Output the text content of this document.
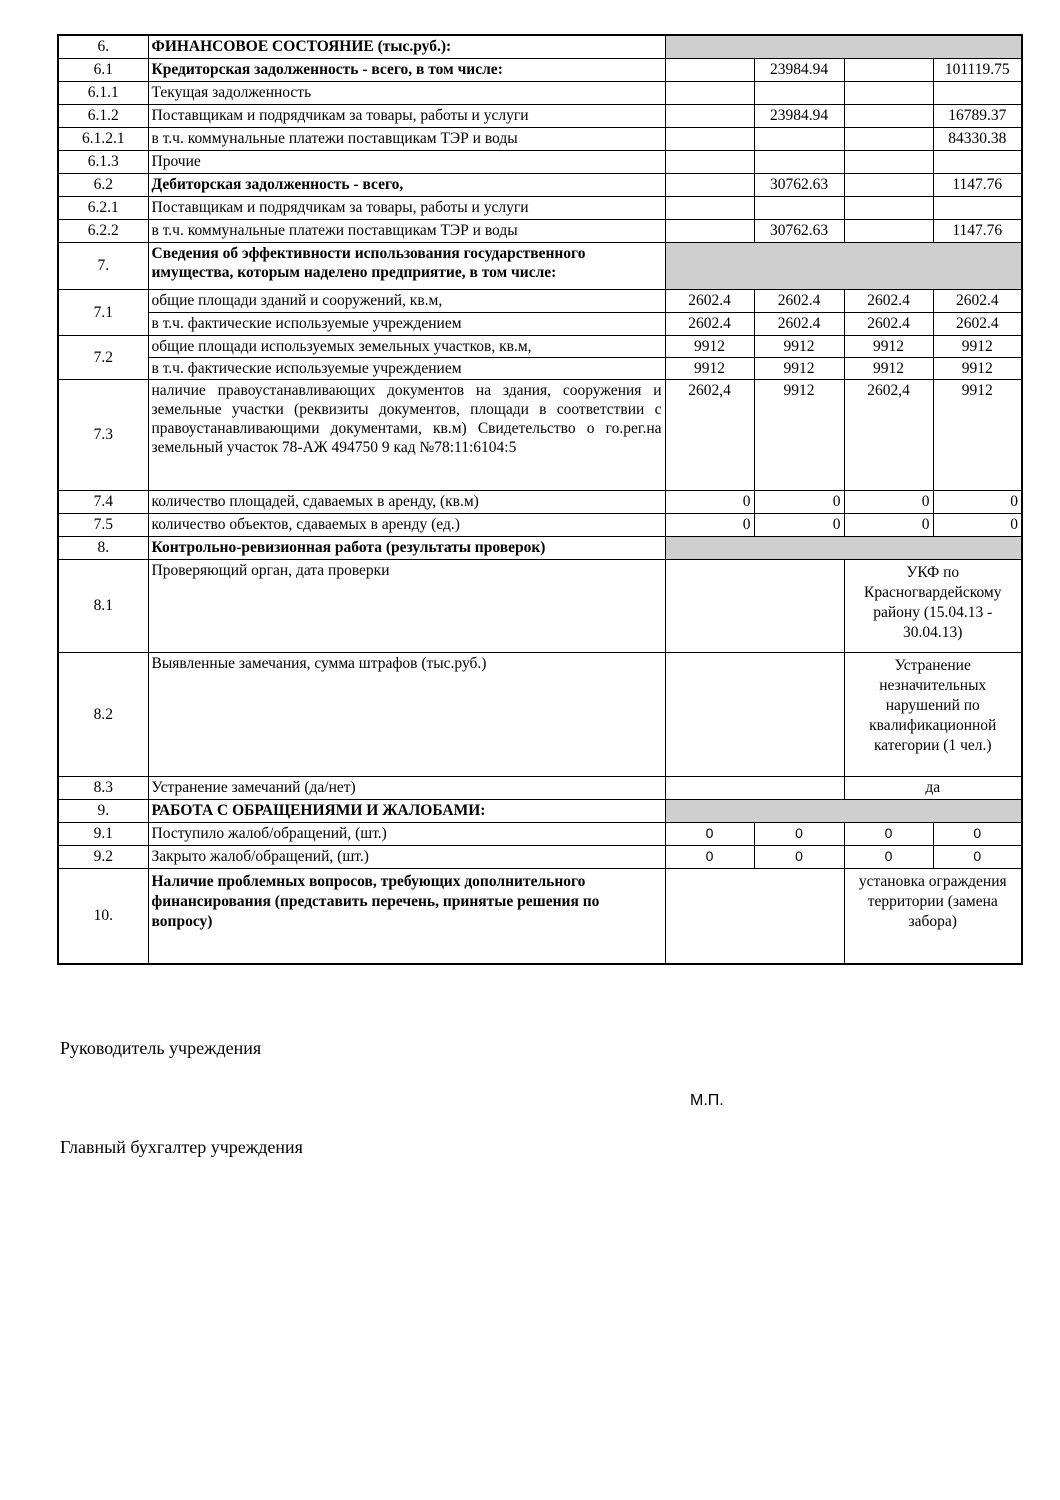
6.	ФИНАНСОВОЕ СОСТОЯНИЕ (тыс.руб.):				
6.1	Кредиторская задолженность - всего, в том числе:		23984.94		101119.75
6.1.1	Текущая задолженность				
6.1.2	Поставщикам и подрядчикам за товары, работы и услуги		23984.94		16789.37
6.1.2.1	в т.ч. коммунальные платежи поставщикам ТЭР и воды				84330.38
6.1.3	Прочие				
6.2	Дебиторская задолженность - всего,		30762.63		1147.76
6.2.1	Поставщикам и подрядчикам за товары, работы и услуги				
6.2.2	в т.ч. коммунальные платежи поставщикам ТЭР и воды		30762.63		1147.76
7.	Сведения об эффективности использования государственного имущества, которым наделено предприятие, в том числе:				
7.1	общие площади зданий и сооружений, кв.м,	2602.4	2602.4	2602.4	2602.4
	в т.ч. фактические используемые учреждением	2602.4	2602.4	2602.4	2602.4
7.2	общие площади используемых земельных участков, кв.м,	9912	9912	9912	9912
	в т.ч. фактические используемые учреждением	9912	9912	9912	9912
7.3	наличие правоустанавливающих документов на здания, сооружения и земельные участки (реквизиты документов, площади в соответствии с правоустанавливающими документами, кв.м) Свидетельство о го.рег.на земельный участок 78-АЖ 494750 9 кад №78:11:6104:5	2602,4	9912	2602,4	9912
7.4	количество площадей, сдаваемых в аренду, (кв.м)	0	0	0	0
7.5	количество объектов, сдаваемых в аренду (ед.)	0	0	0	0
8.	Контрольно-ревизионная работа (результаты проверок)				
8.1	Проверяющий орган, дата проверки			УКФ по Красногвардейскому району (15.04.13 - 30.04.13)	
8.2	Выявленные замечания, сумма штрафов (тыс.руб.)			Устранение незначительных нарушений по квалификационной категории (1 чел.)	
8.3	Устранение замечаний (да/нет)			да	
9.	РАБОТА С ОБРАЩЕНИЯМИ И ЖАЛОБАМИ:				
9.1	Поступило жалоб/обращений, (шт.)	0	0	0	0
9.2	Закрыто жалоб/обращений, (шт.)	0	0	0	0
10.	Наличие проблемных вопросов, требующих дополнительного финансирования (представить перечень, принятые решения по вопросу)			установка ограждения территории (замена забора)	
Руководитель учреждения
М.П.
Главный бухгалтер учреждения
